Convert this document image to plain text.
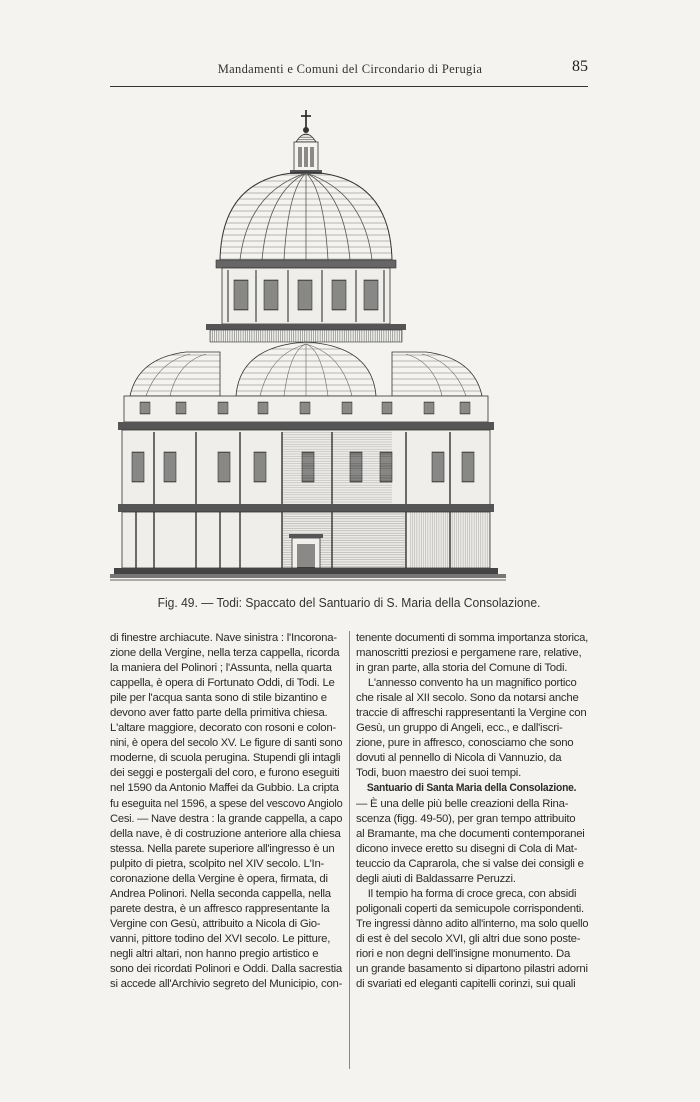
Mandamenti e Comuni del Circondario di Perugia	85
Fig. 49. — Todi: Spaccato del Santuario di S. Maria della Consolazione.
di finestre archiacute. Nave sinistra : l'Incorona-
zione della Vergine, nella terza cappella, ricorda
la maniera del Polinori ; l'Assunta, nella quarta
cappella, è opera di Fortunato Oddi, di Todi. Le
pile per l'acqua santa sono di stile bizantino e
devono aver fatto parte della primitiva chiesa.
L'altare maggiore, decorato con rosoni e colon-
nini, è opera del secolo XV. Le figure di santi sono
moderne, di scuola perugina. Stupendi gli intagli
dei seggi e postergali del coro, e furono eseguiti
nel 1590 da Antonio Maffei da Gubbio. La cripta
fu eseguita nel 1596, a spese del vescovo Angiolo
Cesi. — Nave destra : la grande cappella, a capo
della nave, è di costruzione anteriore alla chiesa
stessa. Nella parete superiore all'ingresso è un
pulpito di pietra, scolpito nel XIV secolo. L'In-
coronazione della Vergine è opera, firmata, di
Andrea Polinori. Nella seconda cappella, nella
parete destra, è un affresco rappresentante la
Vergine con Gesù, attribuito a Nicola di Gio-
vanni, pittore todino del XVI secolo. Le pitture,
negli altri altari, non hanno pregio artistico e
sono dei ricordati Polinori e Oddi. Dalla sacrestia
si accede all'Archivio segreto del Municipio, con-
tenente documenti di somma importanza storica,
manoscritti preziosi e pergamene rare, relative,
in gran parte, alla storia del Comune di Todi.
L'annesso convento ha un magnifico portico
che risale al XII secolo. Sono da notarsi anche
traccie di affreschi rappresentanti la Vergine con
Gesù, un gruppo di Angeli, ecc., e dall'iscri-
zione, pure in affresco, conosciamo che sono
dovuti al pennello di Nicola di Vannuzio, da
Todi, buon maestro dei suoi tempi.
Santuario di Santa Maria della Consolazione.
— È una delle più belle creazioni della Rina-
scenza (figg. 49-50), per gran tempo attribuito
al Bramante, ma che documenti contemporanei
dicono invece eretto su disegni di Cola di Mat-
teuccio da Caprarola, che si valse dei consigli e
degli aiuti di Baldassarre Peruzzi.
Il tempio ha forma di croce greca, con absidi
poligonali coperti da semicupole corrispondenti.
Tre ingressi dànno adito all'interno, ma solo quello
di est è del secolo XVI, gli altri due sono poste-
riori e non degni dell'insigne monumento. Da
un grande basamento si dipartono pilastri adorni
di svariati ed eleganti capitelli corinzi, sui quali
